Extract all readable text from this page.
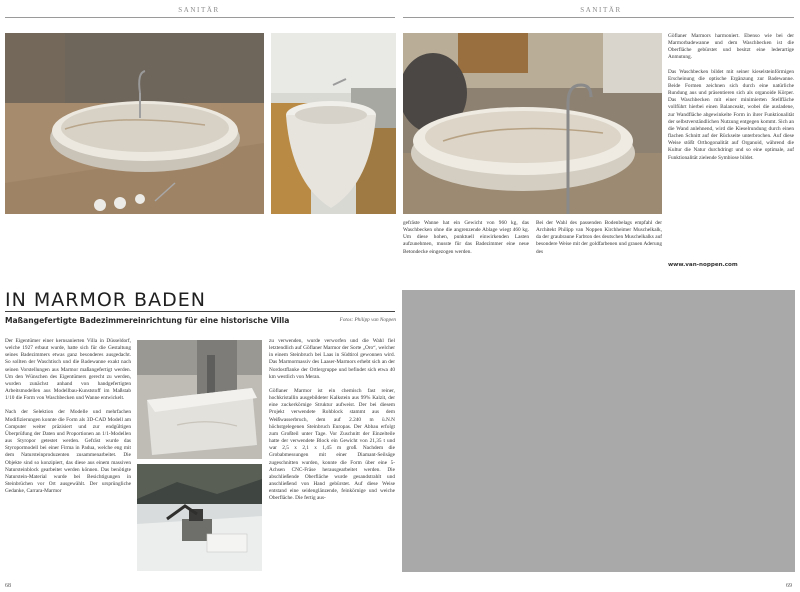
SANITÄR
IN MARMOR BADEN
Maßangefertigte Badezimmereinrichtung für eine historische Villa	Fotos: Philipp van Noppen

Der Eigentümer einer kernsanierten Villa in Düsseldorf, welche 1927 erbaut wurde, hatte sich für die Gestaltung seines Badezimmers etwas ganz besonderes ausgedacht. So sollten der Waschtisch und die Badewanne exakt nach seinen Vorstellungen aus Marmor maßangefertigt werden. Um den Wünschen des Eigentümers gerecht zu werden, wurden zunächst anhand von handgefertigten Arbeitsmodellen aus Modellbau-Kunststoff im Maßstab 1/10 die Form von Waschbecken und Wanne entwickelt.

Nach der Selektion der Modelle und mehrfachen Modifizierungen konnte die Form als 3D-CAD Modell am Computer weiter präzisiert und zur endgültigen Überprüfung der Daten und Proportionen an 1/1-Modellen aus Styropor getestet werden. Gefräst wurde das Styropormodell bei einer Firma in Padua, welche eng mit dem Natursteinproduzenten zusammenarbeitet. Die Objekte sind so konzipiert, das diese aus einem massiven Natursteinblock gearbeitet werden können. Das benötigte Naturstein-Material wurde bei Besichtigungen in Steinbrüchen vor Ort ausgewählt. Der ursprüngliche Gedanke, Carrara-Marmor

zu verwenden, wurde verworfen und die Wahl fiel letztendlich auf Göflaner Marmor der Sorte „Oro“, welcher in einem Steinbruch bei Laas in Südtirol gewonnen wird. Das Marmormassiv des Laaser-Marmors erhebt sich an der Nordostflanke der Ortlergruppe und befindet sich etwa 40 km westlich von Meran.

Göflaner Marmor ist ein chemisch fast reiner, hochkristallin ausgebildeter Kalkstein aus 99% Kalzit, der eine zuckerkörnige Struktur aufweist. Der bei diesem Projekt verwendete Rohblock stammt aus dem Weißwasserbruch, dem auf 2.240 m ü.N.N höchstgelegenen Steinbruch Europas. Der Abbau erfolgt zum Großteil unter Tage. Vor Zuschnitt der Einzelteile hatte der verwendete Block ein Gewicht von 21,35 t und war 2,5 x 2,1 x 1,45 m groß. Nachdem die Grobabmessungen mit einer Diamant-Seilsäge zugeschnitten wurden, konnte die Form über eine 5-Achsen CNC-Fräse herausgearbeitet werden. Die abschließende Oberfläche wurde gesandstrahlt und anschließend von Hand gebürstet. Auf diese Weise entstand eine seidenglänzende, feinkörnige und weiche Oberfläche. Die fertig aus-

68
SANITÄR
gefräste Wanne hat ein Gewicht von 960 kg, das Waschbecken ohne die angrenzende Ablage wiegt 460 kg. Um diese hohen, punktuell einwirkenden Lasten aufzunehmen, musste für das Badezimmer eine neue Betondecke eingezogen werden.
Bei der Wahl des passenden Bodenbelags empfahl der Architekt Philipp van Noppen Kirchheimer Muschelkalk, da der graubraune Farbton des deutschen Muschelkalks auf besondere Weise mit der goldfarbenen und grauen Aderung des

Göflaner Marmors harmoniert. Ebenso wie bei der Marmorbadewanne und dem Waschbecken ist die Oberfläche gebürstet und besitzt eine lederartige Anmutung.

Das Waschbecken bildet mit seiner kieselsteinförmigen Erscheinung die optische Ergänzung zur Badewanne. Beide Formen zeichnen sich durch eine natürliche Rundung aus und präsentieren sich als organoide Körper. Das Waschbecken mit einer minimierten Stellfläche vollführt hierbei einen Balanceakt, wobei die ausladene, zur Wandfläche abgewinkelte Form in ihrer Funktionalität der selbstverständlichen Nutzung entgegen kommt. Sich an die Wand anlehnend, wird die Kieselrundung durch einen flachen Schnitt auf der Rückseite unterbrochen. Auf diese Weise stößt Orthogonalität auf Organoid, während die Kultur die Natur durchdringt und so eine optimale, auf Funktionalität zielende Symbiose bildet.

www.van-noppen.com
69
